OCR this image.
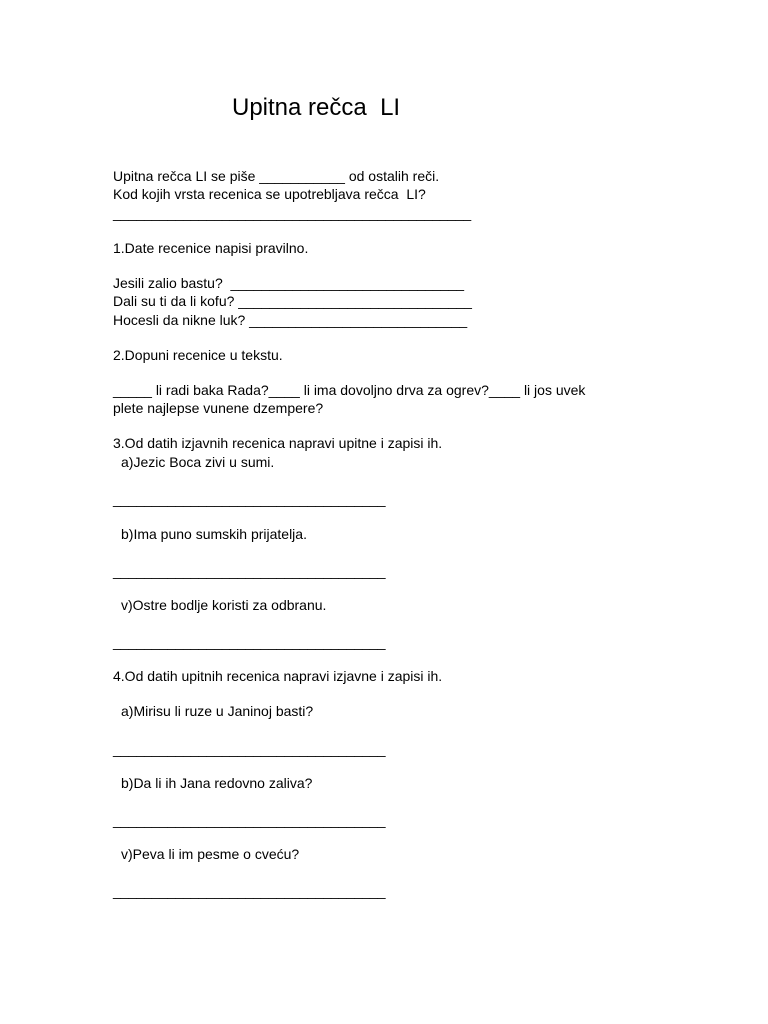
Upitna rečca  LI
Upitna rečca LI se piše ___________ od ostalih reči.
Kod kojih vrsta recenica se upotrebljava rečca  LI?
______________________________________________
1.Date recenice napisi pravilno.
Jesili zalio bastu?  ______________________________
Dali su ti da li kofu? ______________________________
Hocesli da nikne luk? ____________________________
2.Dopuni recenice u tekstu.
_____ li radi baka Rada?____ li ima dovoljno drva za ogrev?____ li jos uvek
plete najlepse vunene dzempere?
3.Od datih izjavnih recenica napravi upitne i zapisi ih.
a)Jezic Boca zivi u sumi.
___________________________________
b)Ima puno sumskih prijatelja.
___________________________________
v)Ostre bodlje koristi za odbranu.
___________________________________
4.Od datih upitnih recenica napravi izjavne i zapisi ih.
a)Mirisu li ruze u Janinoj basti?
___________________________________
b)Da li ih Jana redovno zaliva?
___________________________________
v)Peva li im pesme o cveću?
___________________________________
